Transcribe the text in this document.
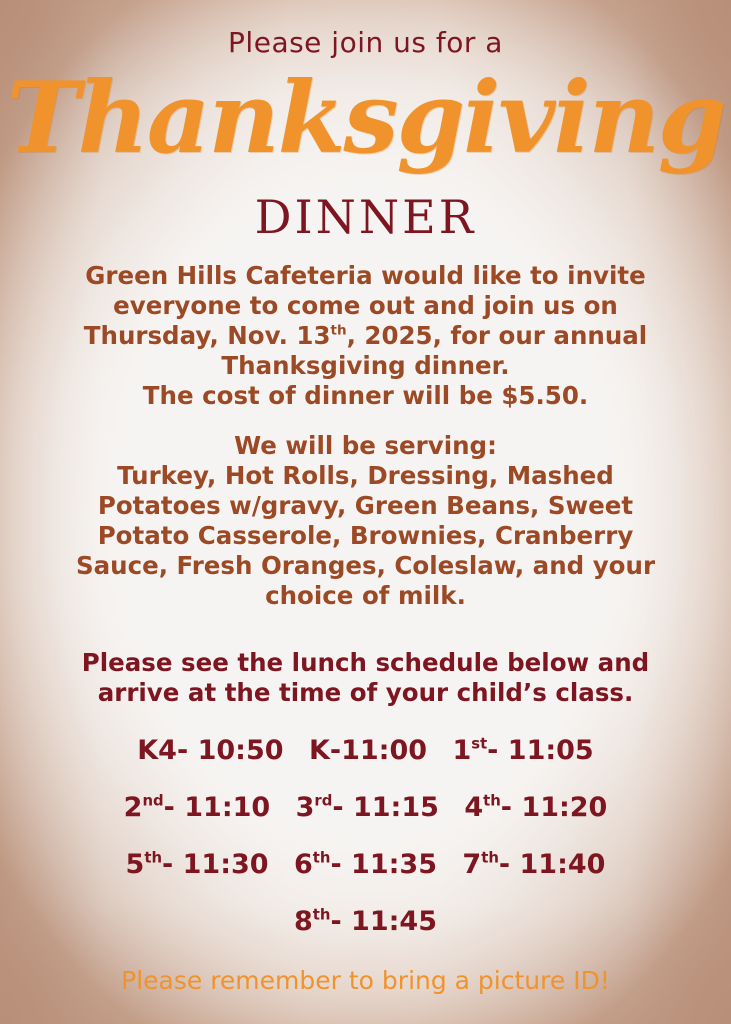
Please join us for a
Thanksgiving
DINNER
Green Hills Cafeteria would like to invite
everyone to come out and join us on
Thursday, Nov. 13th, 2025, for our annual
Thanksgiving dinner.
The cost of dinner will be $5.50.
We will be serving:
Turkey, Hot Rolls, Dressing, Mashed
Potatoes w/gravy, Green Beans, Sweet
Potato Casserole, Brownies, Cranberry
Sauce, Fresh Oranges, Coleslaw, and your
choice of milk.
Please see the lunch schedule below and
arrive at the time of your child’s class.
K4- 10:50 K-11:00 1st- 11:05
2nd- 11:10 3rd- 11:15 4th- 11:20
5th- 11:30 6th- 11:35 7th- 11:40
8th- 11:45
Please remember to bring a picture ID!
